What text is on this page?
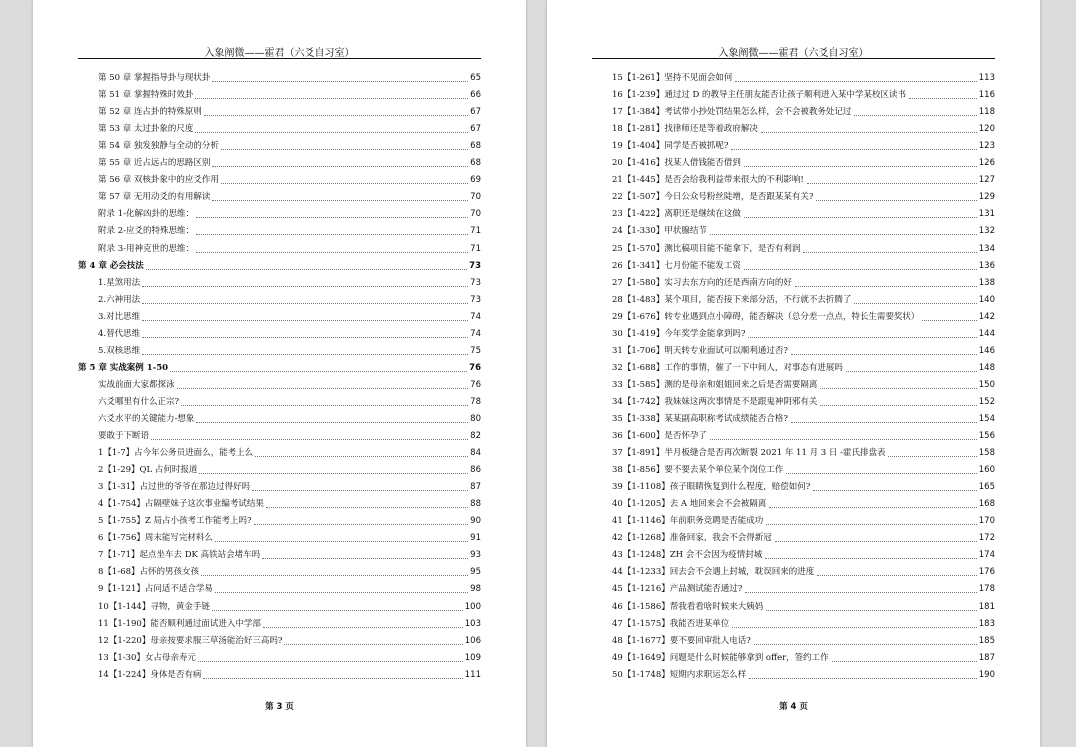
入象阐微——霍君（六爻自习室）
第 50 章 掌握指导卦与现状卦	65
第 51 章 掌握特殊时效卦	66
第 52 章 连占卦的特殊原则	67
第 53 章 太过卦象的尺度	67
第 54 章 独发独静与全动的分析	68
第 55 章 近占远占的思路区别	68
第 56 章 双核卦象中的应爻作用	69
第 57 章 无用动爻的有用解读	70
附录 1-化解凶卦的思维：	70
附录 2-应爻的特殊思维：	71
附录 3-用神克世的思维：	71
第 4 章 必会技法	73
1.星煞用法	73
2.六神用法	73
3.对比思维	74
4.替代思维	74
5.双核思维	75
第 5 章 实战案例 1-50	76
实战前面大家都探泳	76
六爻哪里有什么正宗?	78
六爻水平的关键能力-想象	80
要敢于下断语	82
1【1-7】占今年公务员进面么，能考上么	84
2【1-29】QL 占何时报道	86
3【1-31】占过世的爷爷在那边过得好吗	87
4【1-754】占隔壁妹子这次事业编考试结果	88
5【1-755】Z 局占小孩考工作能考上吗?	90
6【1-756】周末能写完材料么	91
7【1-71】起点坐车去 DK 高铁站会堵车吗	93
8【1-68】占怀的男孩女孩	95
9【1-121】占问适不适合学易	98
10【1-144】寻物，黄金手链	100
11【1-190】能否顺利通过面试进入中学部	103
12【1-220】母亲按要求服三草汤能治好三高吗?	106
13【1-30】女占母亲寿元	109
14【1-224】身体是否有病	111
第 3 页
入象阐微——霍君（六爻自习室）
15【1-261】坚持不见面会如何	113
16【1-239】通过过 D 的教导主任朋友能否让孩子顺利进入某中学某校区读书	116
17【1-384】考试带小抄处罚结果怎么样，会不会被教务处记过	118
18【1-281】找律师还是等着政府解决	120
19【1-404】同学是否被抓呢?	123
20【1-416】找某人借钱能否借到	126
21【1-445】是否会给我利益带来很大的不利影响!	127
22【1-507】今日公众号粉丝陡增，是否跟某某有关?	129
23【1-422】离职还是继续在这做	131
24【1-330】甲状腺结节	132
25【1-570】测比稿项目能不能拿下，是否有利润	134
26【1-341】七月份能不能发工资	136
27【1-580】实习去东方向的还是西南方向的好	138
28【1-483】某个项目，能否接下来部分活，不行就不去折腾了	140
29【1-676】转专业遇到点小障碍，能否解决（总分差一点点，特长生需要奖状）	142
30【1-419】今年奖学金能拿到吗?	144
31【1-706】明天转专业面试可以顺利通过否?	146
32【1-688】工作的事情，催了一下中间人，对事态有进展吗	148
33【1-585】测的是母亲和姐姐回来之后是否需要隔离	150
34【1-742】我妹妹这两次事情是不是跟鬼神阴邪有关	152
35【1-338】某某副高职称考试成绩能否合格?	154
36【1-600】是否怀孕了	156
37【1-891】半月板缝合是否再次断裂 2021 年 11 月 3 日 -霍氏排盘表	158
38【1-856】要不要去某个单位某个岗位工作	160
39【1-1108】孩子眼睛恢复到什么程度，赔偿如何?	165
40【1-1205】去 A 地回来会不会被隔离	168
41【1-1146】年前职务竞聘是否能成功	170
42【1-1268】准备回家，我会不会得新冠	172
43【1-1248】ZH 会不会因为疫情封城	174
44【1-1233】回去会不会遇上封城，耽误回来的进度	176
45【1-1216】产品测试能否通过?	178
46【1-1586】帮我看看啥时候来大姨妈	181
47【1-1575】我能否进某单位	183
48【1-1677】要不要回审批人电话?	185
49【1-1649】问题是什么时候能够拿到 offer，签约工作	187
50【1-1748】短期内求职运怎么样	190
第 4 页
